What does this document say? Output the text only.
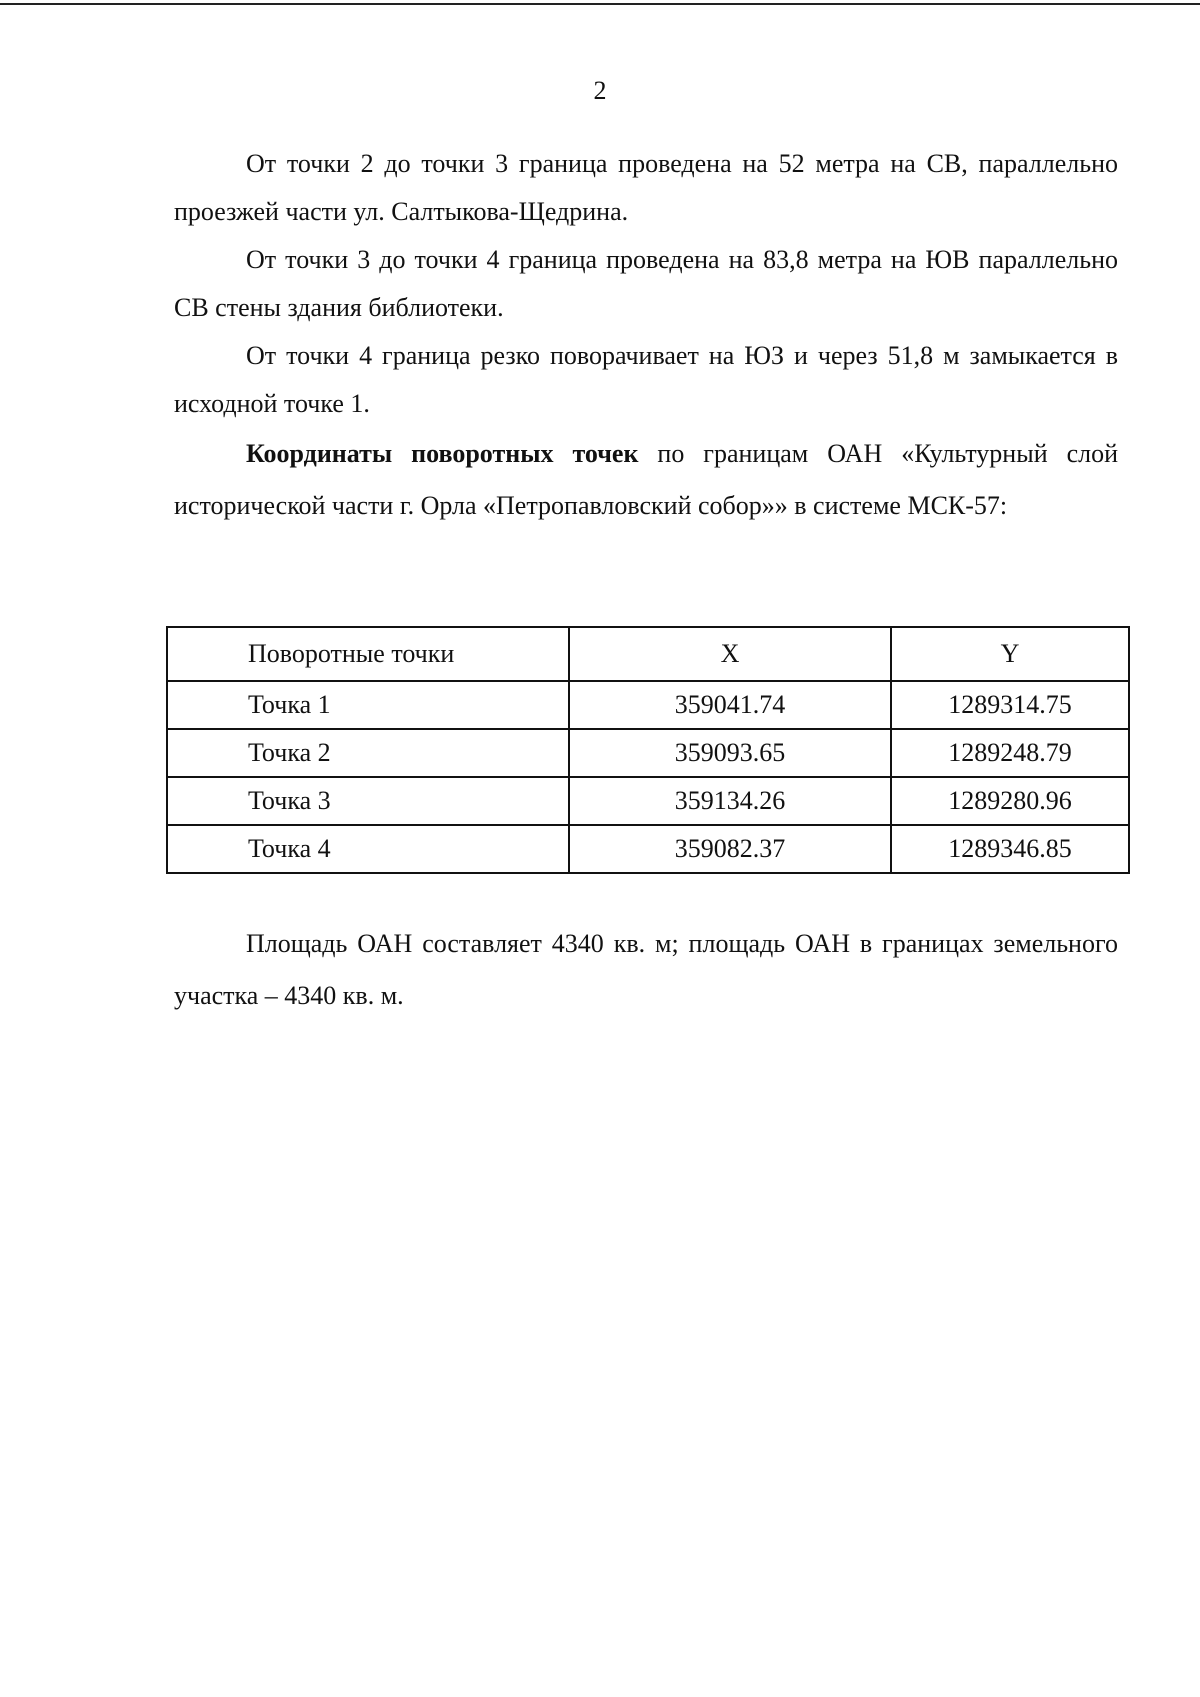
2

От точки 2 до точки 3 граница проведена на 52 метра на СВ, параллельно проезжей части ул. Салтыкова-Щедрина.

От точки 3 до точки 4 граница проведена на 83,8 метра на ЮВ параллельно СВ стены здания библиотеки.

От точки 4 граница резко поворачивает на ЮЗ и через 51,8 м замыкается в исходной точке 1.

Координаты поворотных точек по границам ОАН «Культурный слой исторической части г. Орла «Петропавловский собор»» в системе МСК-57:

Поворотные точки	X	Y
Точка 1	359041.74	1289314.75
Точка 2	359093.65	1289248.79
Точка 3	359134.26	1289280.96
Точка 4	359082.37	1289346.85

Площадь ОАН составляет 4340 кв. м; площадь ОАН в границах земельного участка – 4340 кв. м.
